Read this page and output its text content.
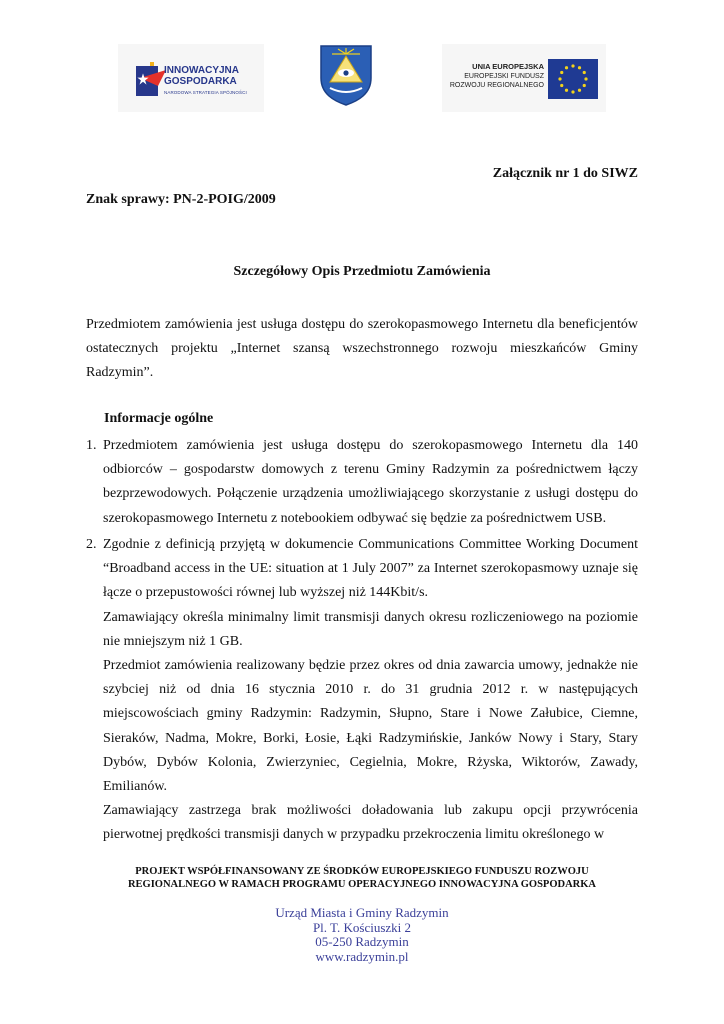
INNOWACYJNA
GOSPODARKA
NARODOWA STRATEGIA SPÓJNOŚCI
UNIA EUROPEJSKA
EUROPEJSKI FUNDUSZ
ROZWOJU REGIONALNEGO
Załącznik nr 1 do SIWZ
Znak sprawy: PN-2-POIG/2009
Szczegółowy Opis Przedmiotu Zamówienia
Przedmiotem zamówienia jest usługa dostępu do szerokopasmowego Internetu dla beneficjentów ostatecznych projektu „Internet szansą wszechstronnego rozwoju mieszkańców Gminy Radzymin”.
Informacje ogólne
1. Przedmiotem zamówienia jest usługa dostępu do szerokopasmowego Internetu dla 140 odbiorców – gospodarstw domowych z terenu Gminy Radzymin za pośrednictwem łączy bezprzewodowych. Połączenie urządzenia umożliwiającego skorzystanie z usługi dostępu do szerokopasmowego Internetu z notebookiem odbywać się będzie za pośrednictwem USB.

2. Zgodnie z definicją przyjętą w dokumencie Communications Committee Working Document “Broadband access in the UE: situation at 1 July 2007” za Internet szerokopasmowy uznaje się łącze o przepustowości równej lub wyższej niż 144Kbit/s.

Zamawiający określa minimalny limit transmisji danych okresu rozliczeniowego na poziomie nie mniejszym niż 1 GB.

Przedmiot zamówienia realizowany będzie przez okres od dnia zawarcia umowy, jednakże nie szybciej niż od dnia 16 stycznia 2010 r. do 31 grudnia 2012 r. w następujących miejscowościach gminy Radzymin: Radzymin, Słupno, Stare i Nowe Załubice, Ciemne, Sieraków, Nadma, Mokre, Borki, Łosie, Łąki Radzymińskie, Janków Nowy i Stary, Stary Dybów, Dybów Kolonia, Zwierzyniec, Cegielnia, Mokre, Rżyska, Wiktorów, Zawady, Emilianów.

Zamawiający zastrzega brak możliwości doładowania lub zakupu opcji przywrócenia pierwotnej prędkości transmisji danych w przypadku przekroczenia limitu określonego w

PROJEKT WSPÓŁFINANSOWANY ZE ŚRODKÓW EUROPEJSKIEGO FUNDUSZU ROZWOJU
REGIONALNEGO W RAMACH PROGRAMU OPERACYJNEGO INNOWACYJNA GOSPODARKA
Urząd Miasta i Gminy Radzymin
Pl. T. Kościuszki 2
05-250 Radzymin
www.radzymin.pl
